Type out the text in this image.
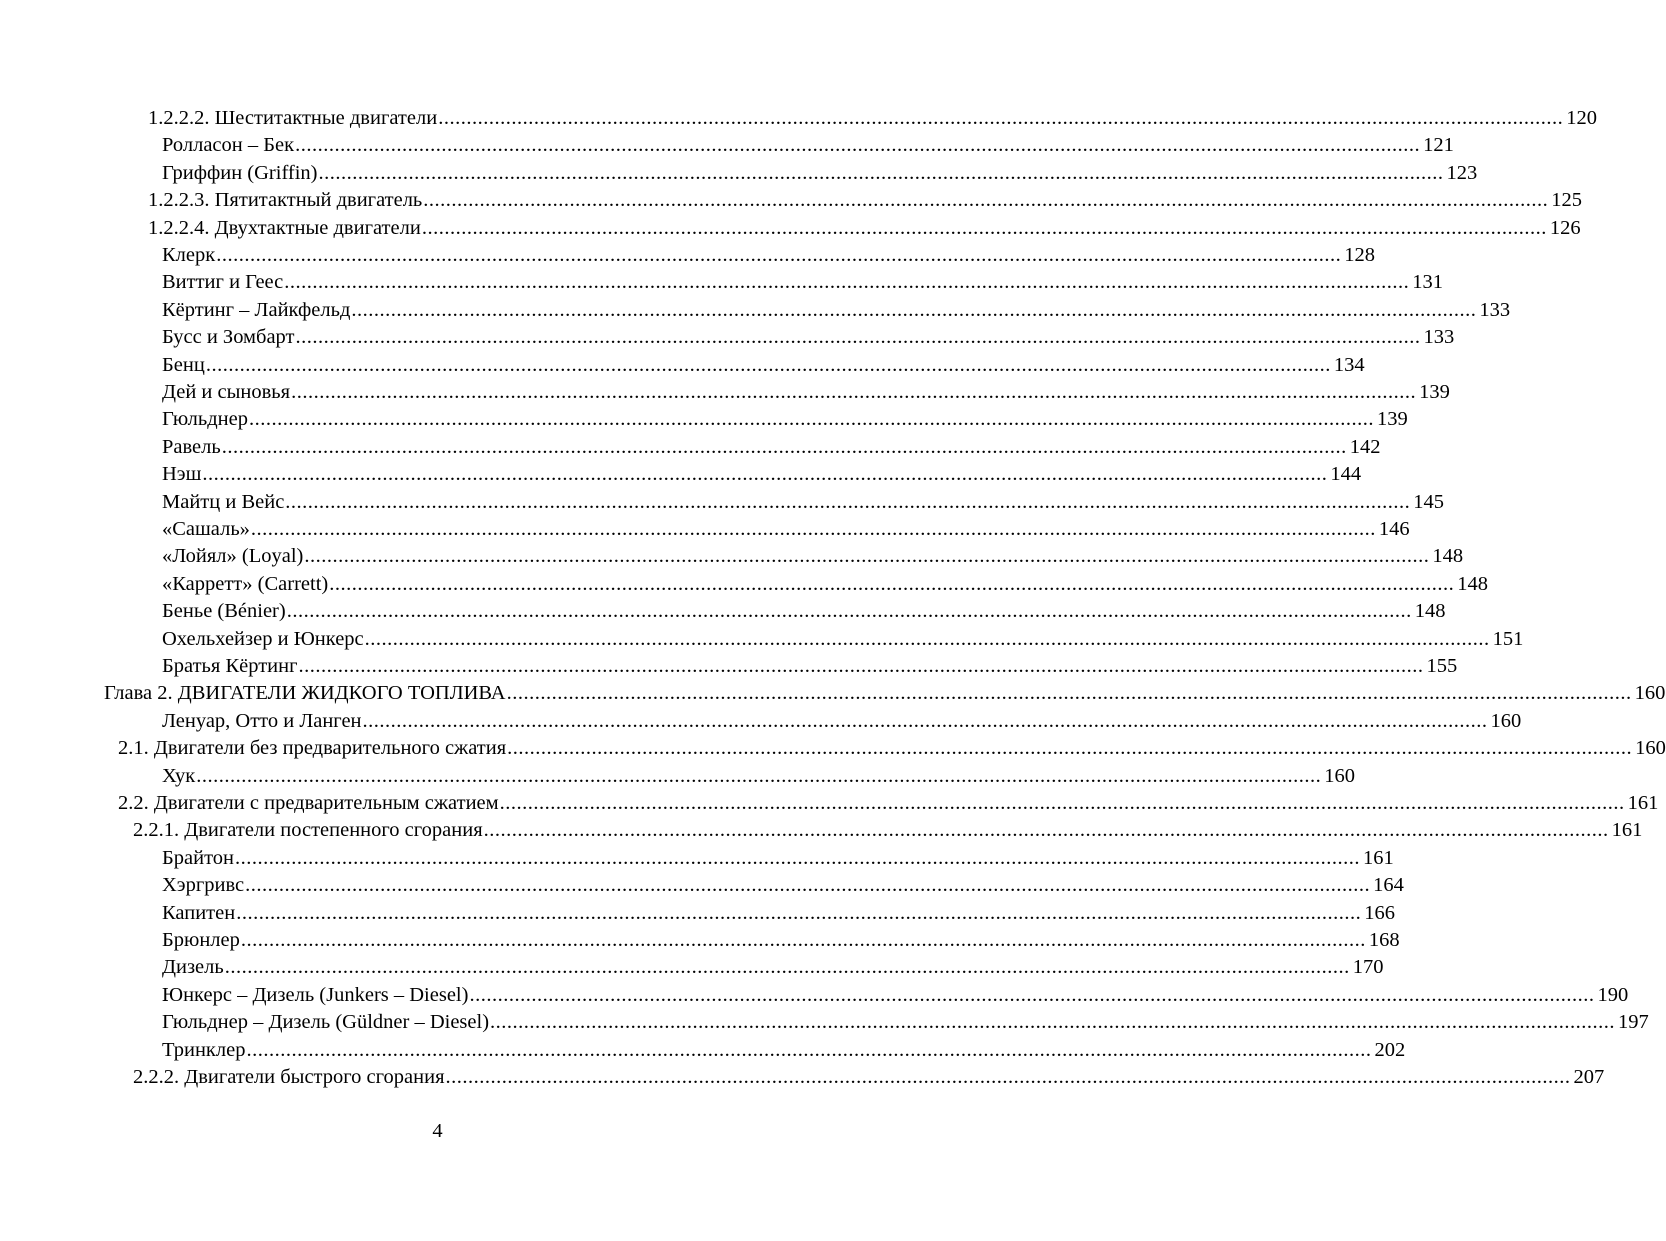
1.2.2.2. Шеститактные двигатели ........................................................................................................................................................................................................ 120
Ролласон – Бек ........................................................................................................................................................................................................ 121
Гриффин (Griffin) ........................................................................................................................................................................................................ 123
1.2.2.3. Пятитактный двигатель ........................................................................................................................................................................................................ 125
1.2.2.4. Двухтактные двигатели ........................................................................................................................................................................................................ 126
Клерк ........................................................................................................................................................................................................ 128
Виттиг и Геес ........................................................................................................................................................................................................ 131
Кёртинг – Лайкфельд ........................................................................................................................................................................................................ 133
Бусс и Зомбарт ........................................................................................................................................................................................................ 133
Бенц ........................................................................................................................................................................................................ 134
Дей и сыновья ........................................................................................................................................................................................................ 139
Гюльднер ........................................................................................................................................................................................................ 139
Равель ........................................................................................................................................................................................................ 142
Нэш ........................................................................................................................................................................................................ 144
Майтц и Вейс ........................................................................................................................................................................................................ 145
«Сашаль» ........................................................................................................................................................................................................ 146
«Лойял» (Loyal) ........................................................................................................................................................................................................ 148
«Карретт» (Carrett) ........................................................................................................................................................................................................ 148
Бенье (Bénier) ........................................................................................................................................................................................................ 148
Охельхейзер и Юнкерс ........................................................................................................................................................................................................ 151
Братья Кёртинг ........................................................................................................................................................................................................ 155
Глава 2. ДВИГАТЕЛИ ЖИДКОГО ТОПЛИВА ........................................................................................................................................................................................................ 160
Ленуар, Отто и Ланген ........................................................................................................................................................................................................ 160
2.1. Двигатели без предварительного сжатия ........................................................................................................................................................................................................ 160
Хук ........................................................................................................................................................................................................ 160
2.2. Двигатели с предварительным сжатием ........................................................................................................................................................................................................ 161
2.2.1. Двигатели постепенного сгорания ........................................................................................................................................................................................................ 161
Брайтон ........................................................................................................................................................................................................ 161
Хэргривс ........................................................................................................................................................................................................ 164
Капитен ........................................................................................................................................................................................................ 166
Брюнлер ........................................................................................................................................................................................................ 168
Дизель ........................................................................................................................................................................................................ 170
Юнкерс – Дизель (Junkers – Diesel) ........................................................................................................................................................................................................ 190
Гюльднер – Дизель (Güldner – Diesel) ........................................................................................................................................................................................................ 197
Тринклер ........................................................................................................................................................................................................ 202
2.2.2. Двигатели быстрого сгорания ........................................................................................................................................................................................................ 207
4
